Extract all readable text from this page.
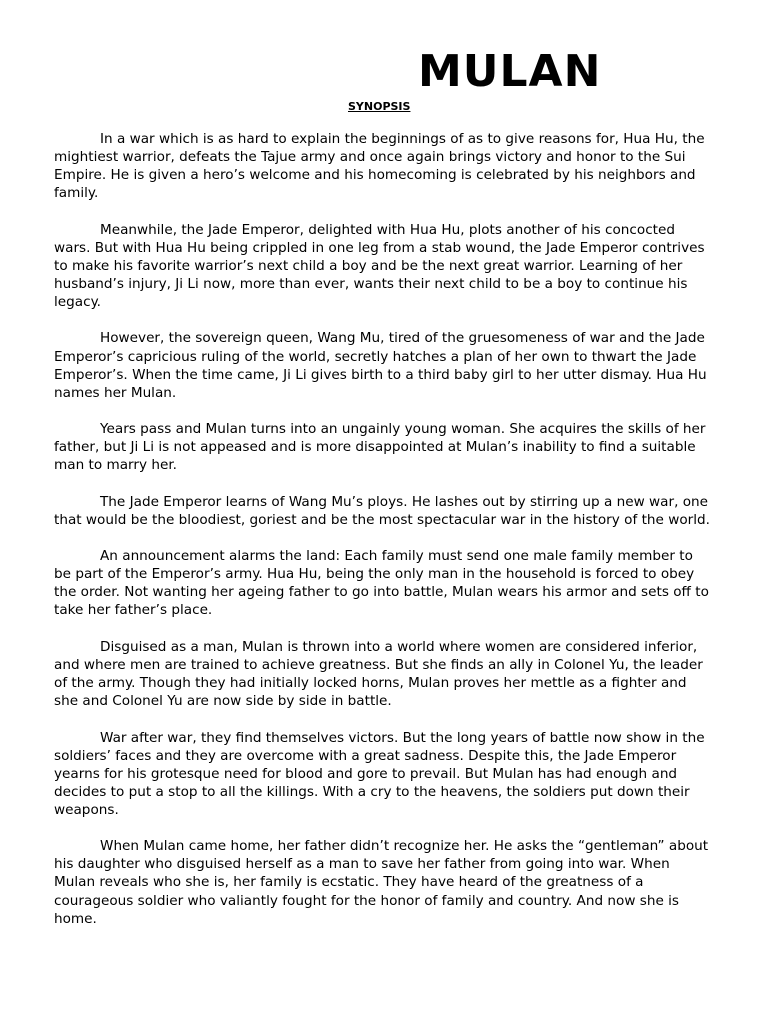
MULAN
SYNOPSIS

In a war which is as hard to explain the beginnings of as to give reasons for, Hua Hu, the mightiest warrior, defeats the Tajue army and once again brings victory and honor to the Sui Empire. He is given a hero’s welcome and his homecoming is celebrated by his neighbors and family.

Meanwhile, the Jade Emperor, delighted with Hua Hu, plots another of his concocted wars. But with Hua Hu being crippled in one leg from a stab wound, the Jade Emperor contrives to make his favorite warrior’s next child a boy and be the next great warrior. Learning of her husband’s injury, Ji Li now, more than ever, wants their next child to be a boy to continue his legacy.

However, the sovereign queen, Wang Mu, tired of the gruesomeness of war and the Jade Emperor’s capricious ruling of the world, secretly hatches a plan of her own to thwart the Jade Emperor’s. When the time came, Ji Li gives birth to a third baby girl to her utter dismay. Hua Hu names her Mulan.

Years pass and Mulan turns into an ungainly young woman. She acquires the skills of her father, but Ji Li is not appeased and is more disappointed at Mulan’s inability to find a suitable man to marry her.

The Jade Emperor learns of Wang Mu’s ploys. He lashes out by stirring up a new war, one that would be the bloodiest, goriest and be the most spectacular war in the history of the world.

An announcement alarms the land: Each family must send one male family member to be part of the Emperor’s army. Hua Hu, being the only man in the household is forced to obey the order. Not wanting her ageing father to go into battle, Mulan wears his armor and sets off to take her father’s place.

Disguised as a man, Mulan is thrown into a world where women are considered inferior, and where men are trained to achieve greatness. But she finds an ally in Colonel Yu, the leader of the army. Though they had initially locked horns, Mulan proves her mettle as a fighter and she and Colonel Yu are now side by side in battle.

War after war, they find themselves victors. But the long years of battle now show in the soldiers’ faces and they are overcome with a great sadness. Despite this, the Jade Emperor yearns for his grotesque need for blood and gore to prevail. But Mulan has had enough and decides to put a stop to all the killings. With a cry to the heavens, the soldiers put down their weapons.

When Mulan came home, her father didn’t recognize her. He asks the “gentleman” about his daughter who disguised herself as a man to save her father from going into war. When Mulan reveals who she is, her family is ecstatic. They have heard of the greatness of a courageous soldier who valiantly fought for the honor of family and country. And now she is home.
